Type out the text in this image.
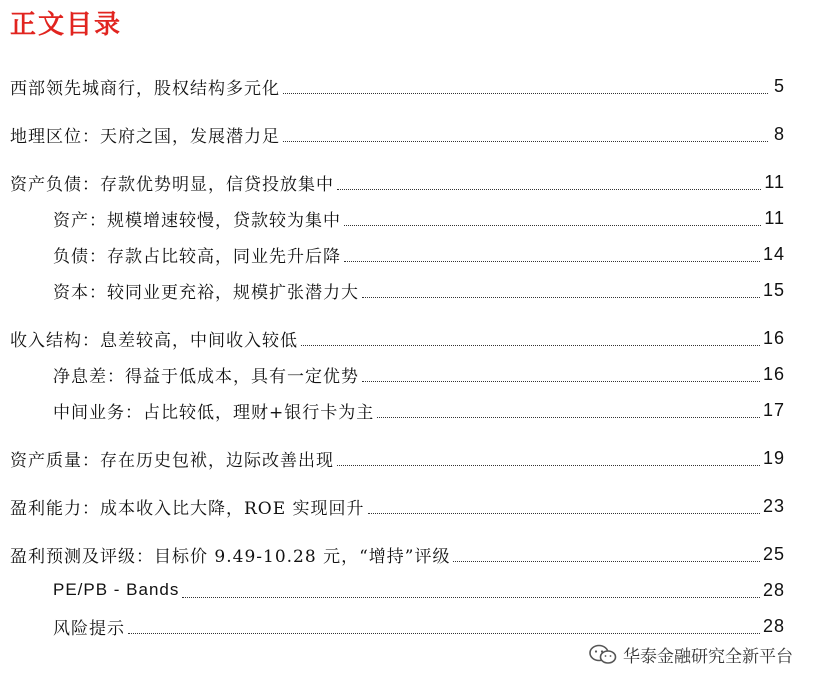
正文目录
西部领先城商行，股权结构多元化	5
地理区位：天府之国，发展潜力足	8
资产负债：存款优势明显，信贷投放集中	11
资产：规模增速较慢，贷款较为集中	11
负债：存款占比较高，同业先升后降	14
资本：较同业更充裕，规模扩张潜力大	15
收入结构：息差较高，中间收入较低	16
净息差：得益于低成本，具有一定优势	16
中间业务：占比较低，理财+银行卡为主	17
资产质量：存在历史包袱，边际改善出现	19
盈利能力：成本收入比大降，ROE 实现回升	23
盈利预测及评级：目标价 9.49-10.28 元，“增持”评级	25
PE/PB - Bands	28
风险提示	28
华泰金融研究全新平台
